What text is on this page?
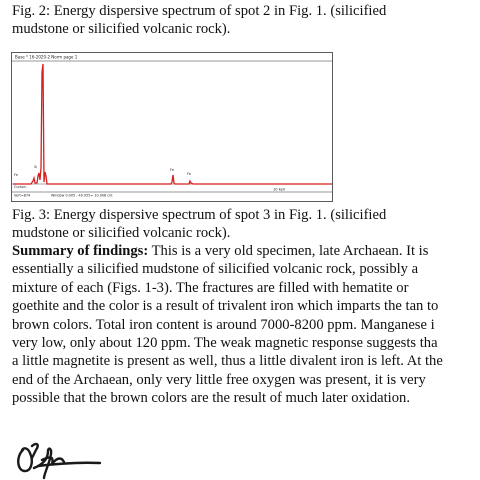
Fig. 2: Energy dispersive spectrum of spot 2 in Fig. 1. (silicified
mudstone or silicified volcanic rock).
Base * 16-2020-2 Norm page 1
Cursor:-
Vert=874	Window 0.005 - 40.955= 10.008 cnt
10 keV
Fe
Si
Fe
Fe
Fig. 3: Energy dispersive spectrum of spot 3 in Fig. 1. (silicified
mudstone or silicified volcanic rock).
Summary of findings: This is a very old specimen, late Archaean. It is
essentially a silicified mudstone of silicified volcanic rock, possibly a
mixture of each (Figs. 1-3). The fractures are filled with hematite or
goethite and the color is a result of trivalent iron which imparts the tan to
brown colors. Total iron content is around 7000-8200 ppm. Manganese i
very low, only about 120 ppm. The weak magnetic response suggests tha
a little magnetite is present as well, thus a little divalent iron is left. At the
end of the Archaean, only very little free oxygen was present, it is very
possible that the brown colors are the result of much later oxidation.
